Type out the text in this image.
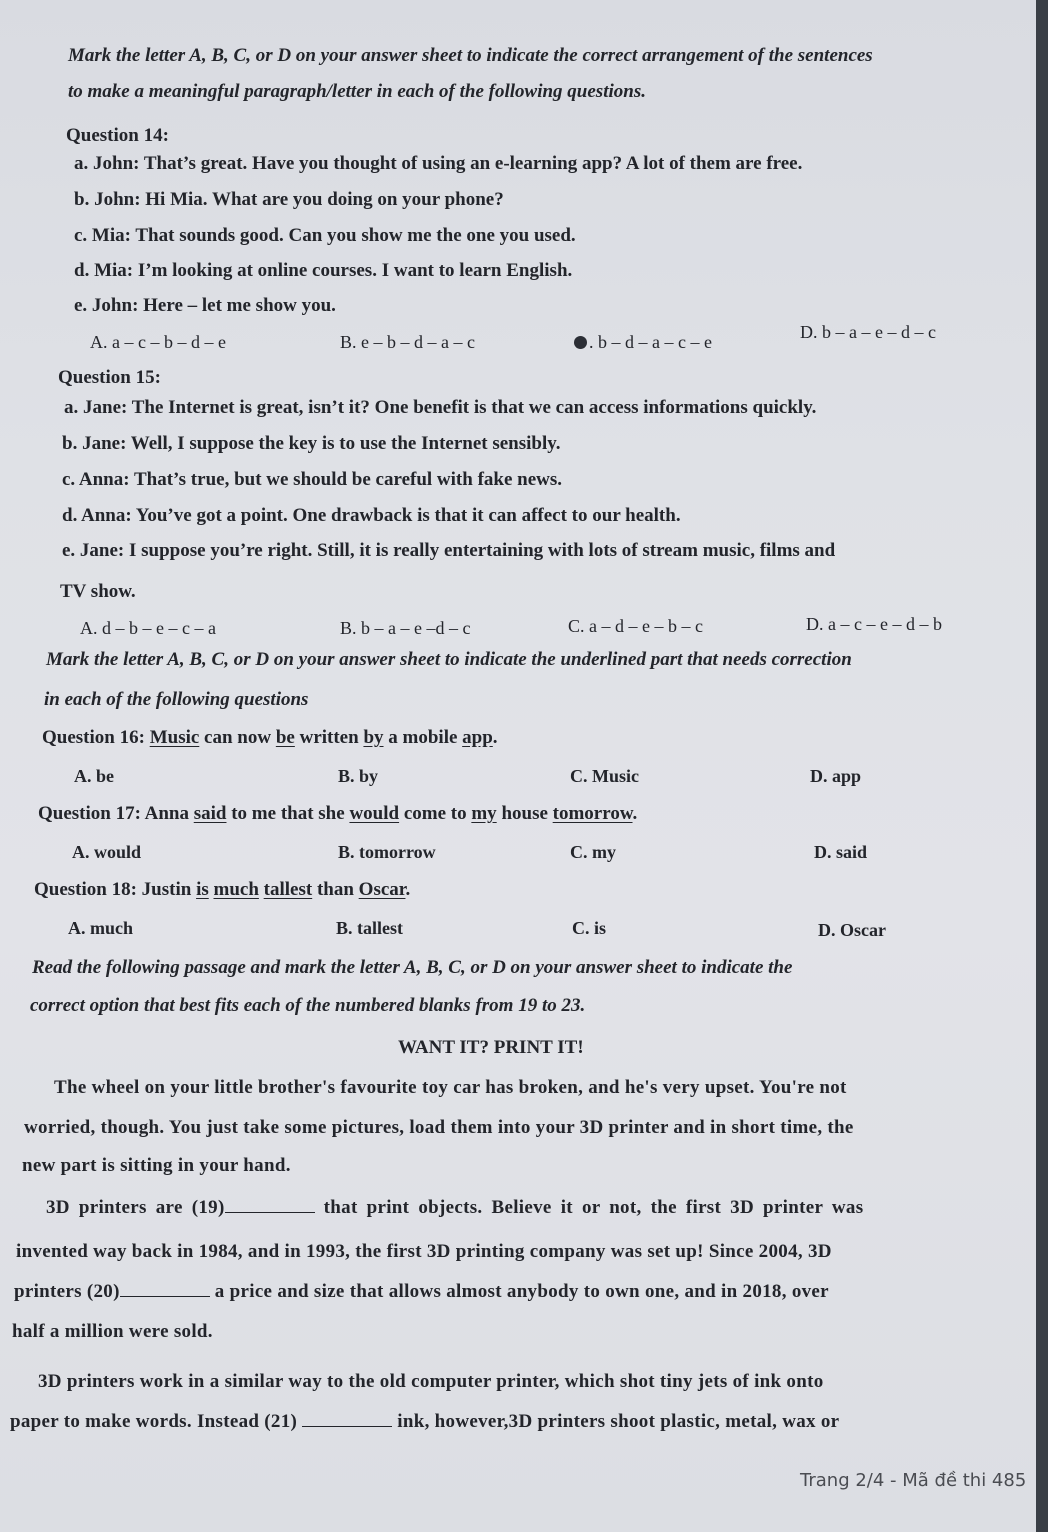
Mark the letter A, B, C, or D on your answer sheet to indicate the correct arrangement of the sentences
to make a meaningful paragraph/letter in each of the following questions.
Question 14:
a. John: That’s great. Have you thought of using an e-learning app? A lot of them are free.
b. John: Hi Mia. What are you doing on your phone?
c. Mia: That sounds good. Can you show me the one you used.
d. Mia: I’m looking at online courses. I want to learn English.
e. John: Here – let me show you.
A. a – c – b – d – e	B. e – b – d – a – c	. b – d – a – c – e	D. b – a – e – d – c
Question 15:
a. Jane: The Internet is great, isn’t it? One benefit is that we can access informations quickly.
b. Jane: Well, I suppose the key is to use the Internet sensibly.
c. Anna: That’s true, but we should be careful with fake news.
d. Anna: You’ve got a point. One drawback is that it can affect to our health.
e. Jane: I suppose you’re right. Still, it is really entertaining with lots of stream music, films and
TV show.
A. d – b – e – c – a	B. b – a – e –d – c	C. a – d – e – b – c	D. a – c – e – d – b
Mark the letter A, B, C, or D on your answer sheet to indicate the underlined part that needs correction
in each of the following questions
Question 16: Music can now be written by a mobile app.
A. be	B. by	C. Music	D. app
Question 17: Anna said to me that she would come to my house tomorrow.
A. would	B. tomorrow	C. my	D. said
Question 18: Justin is much tallest than Oscar.
A. much	B. tallest	C. is	D. Oscar
Read the following passage and mark the letter A, B, C, or D on your answer sheet to indicate the
correct option that best fits each of the numbered blanks from 19 to 23.
WANT IT? PRINT IT!
The wheel on your little brother's favourite toy car has broken, and he's very upset. You're not
worried, though. You just take some pictures, load them into your 3D printer and in short time, the
new part is sitting in your hand.
3D printers are (19)	that print objects. Believe it or not, the first 3D printer was
invented way back in 1984, and in 1993, the first 3D printing company was set up! Since 2004, 3D
printers (20)	a price and size that allows almost anybody to own one, and in 2018, over
half a million were sold.
3D printers work in a similar way to the old computer printer, which shot tiny jets of ink onto
paper to make words. Instead (21)	ink, however,3D printers shoot plastic, metal, wax or
Trang 2/4 - Mã đề thi 485
